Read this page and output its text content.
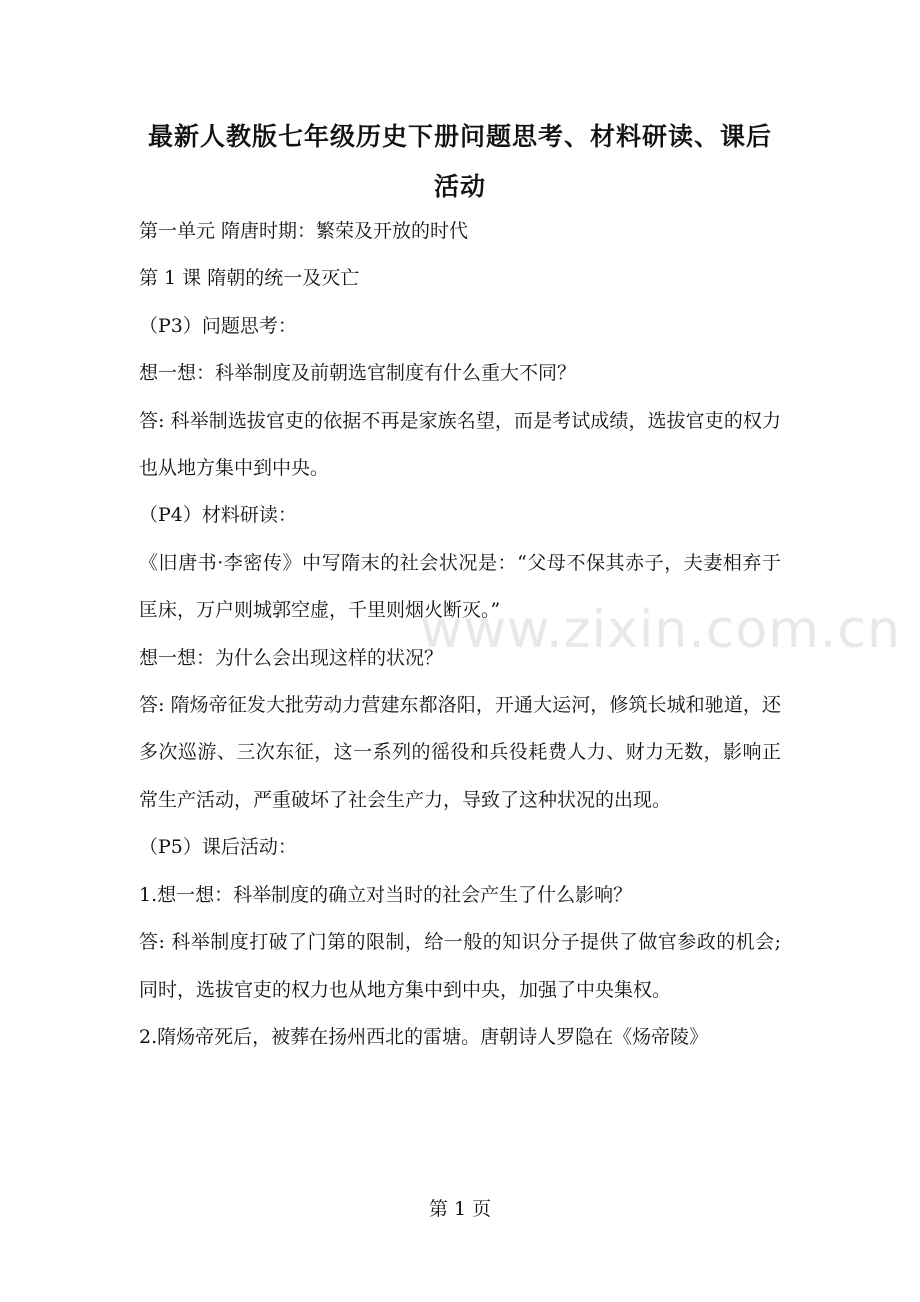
最新人教版七年级历史下册问题思考、材料研读、课后活动

第一单元 隋唐时期：繁荣及开放的时代

第 1 课 隋朝的统一及灭亡

（P3）问题思考：

想一想：科举制度及前朝选官制度有什么重大不同？

答: 科举制选拔官吏的依据不再是家族名望，而是考试成绩，选拔官吏的权力也从地方集中到中央。

（P4）材料研读：

《旧唐书·李密传》中写隋末的社会状况是：“父母不保其赤子，夫妻相弃于匡床，万户则城郭空虚，千里则烟火断灭。”

想一想：为什么会出现这样的状况？

答: 隋炀帝征发大批劳动力营建东都洛阳，开通大运河，修筑长城和驰道，还多次巡游、三次东征，这一系列的徭役和兵役耗费人力、财力无数，影响正常生产活动，严重破坏了社会生产力，导致了这种状况的出现。

（P5）课后活动：

1.想一想：科举制度的确立对当时的社会产生了什么影响？

答: 科举制度打破了门第的限制，给一般的知识分子提供了做官参政的机会; 同时，选拔官吏的权力也从地方集中到中央，加强了中央集权。

2.隋炀帝死后，被葬在扬州西北的雷塘。唐朝诗人罗隐在《炀帝陵》

www.zixin.com.cn
第 1 页
